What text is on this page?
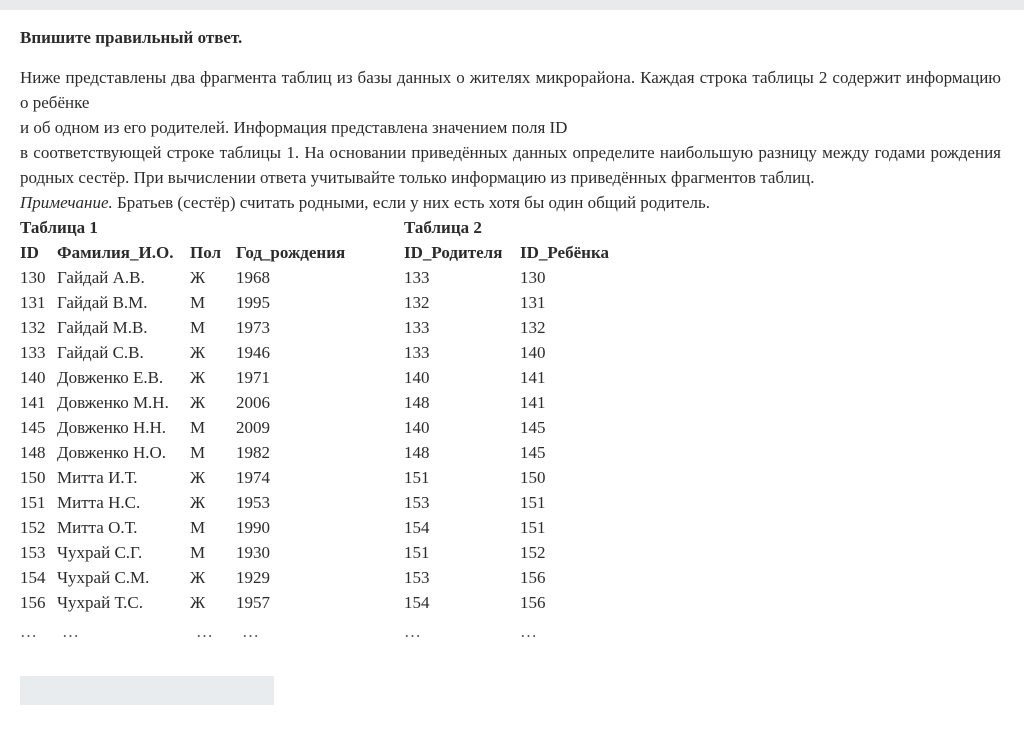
Впишите правильный ответ.

Ниже представлены два фрагмента таблиц из базы данных о жителях микрорайона. Каждая строка таблицы 2 содержит информацию о ребёнке

и об одном из его родителей. Информация представлена значением поля ID

в соответствующей строке таблицы 1. На основании приведённых данных определите наибольшую разницу между годами рождения родных сестёр. При вычислении ответа учитывайте только информацию из приведённых фрагментов таблиц.

Примечание. Братьев (сестёр) считать родными, если у них есть хотя бы один общий родитель.

Таблица 1
ID Фамилия_И.О. Пол Год_рождения
130 Гайдай А.В.	Ж 1968
131 Гайдай В.М. М 1995
132 Гайдай М.В. М 1973
133 Гайдай С.В.	Ж 1946
140 Довженко Е.В. Ж 1971
141 Довженко М.Н. Ж 2006
145 Довженко Н.Н. М 2009
148 Довженко Н.О. М 1982
150 Митта И.Т.	Ж 1974
151 Митта Н.С.	Ж 1953
152 Митта О.Т.	М 1990
153 Чухрай С.Г.	М 1930
154 Чухрай С.М. Ж 1929
156 Чухрай Т.С.	Ж 1957
… …	… …
Таблица 2
ID_Родителя ID_Ребёнка
133	130
132	131
133	132
133	140
140	141
148	141
140	145
148	145
151	150
153	151
154	151
151	152
153	156
154	156
…	…
